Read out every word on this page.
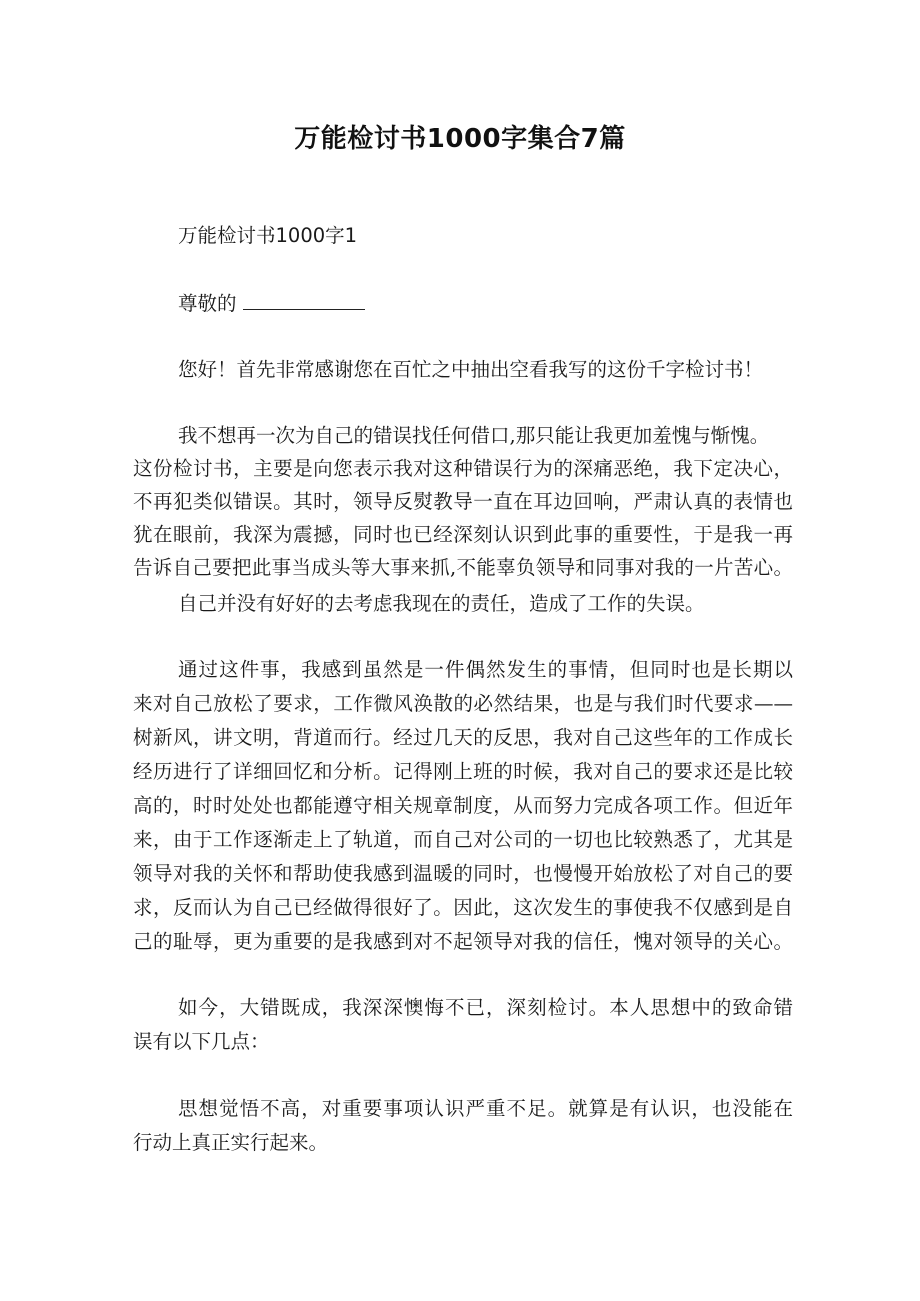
万能检讨书1000字集合7篇
万能检讨书1000字1
尊敬的
您好！首先非常感谢您在百忙之中抽出空看我写的这份千字检讨书！
我不想再一次为自己的错误找任何借口,那只能让我更加羞愧与惭愧。
这份检讨书，主要是向您表示我对这种错误行为的深痛恶绝，我下定决心，
不再犯类似错误。其时，领导反熨教导一直在耳边回响，严肃认真的表情也
犹在眼前，我深为震撼，同时也已经深刻认识到此事的重要性，于是我一再
告诉自己要把此事当成头等大事来抓,不能辜负领导和同事对我的一片苦心。
自己并没有好好的去考虑我现在的责任，造成了工作的失误。
通过这件事，我感到虽然是一件偶然发生的事情，但同时也是长期以
来对自己放松了要求，工作微风涣散的必然结果，也是与我们时代要求——
树新风，讲文明，背道而行。经过几天的反思，我对自己这些年的工作成长
经历进行了详细回忆和分析。记得刚上班的时候，我对自己的要求还是比较
高的，时时处处也都能遵守相关规章制度，从而努力完成各项工作。但近年
来，由于工作逐渐走上了轨道，而自己对公司的一切也比较熟悉了，尤其是
领导对我的关怀和帮助使我感到温暖的同时，也慢慢开始放松了对自己的要
求，反而认为自己已经做得很好了。因此，这次发生的事使我不仅感到是自
己的耻辱，更为重要的是我感到对不起领导对我的信任，愧对领导的关心。
如今，大错既成，我深深懊悔不已，深刻检讨。本人思想中的致命错
误有以下几点：
思想觉悟不高，对重要事项认识严重不足。就算是有认识，也没能在
行动上真正实行起来。
